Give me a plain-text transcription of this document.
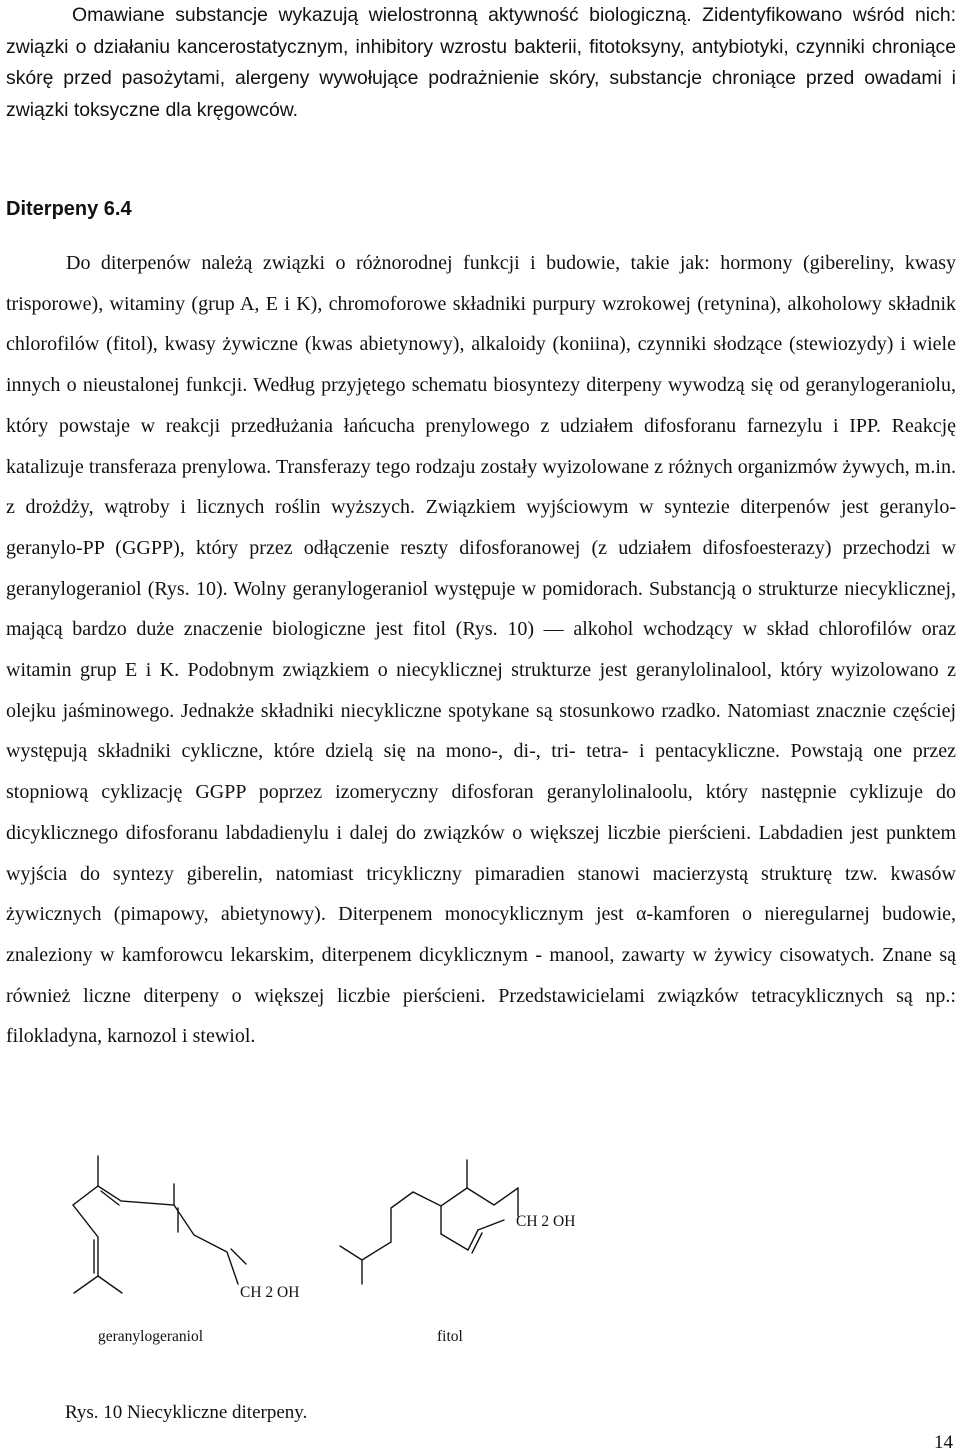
Omawiane substancje wykazują wielostronną aktywność biologiczną. Zidentyfikowano wśród nich: związki o działaniu kancerostatycznym, inhibitory wzrostu bakterii, fitotoksyny, antybiotyki, czynniki chroniące skórę przed pasożytami, alergeny wywołujące podrażnienie skóry, substancje chroniące przed owadami i związki toksyczne dla kręgowców.
Diterpeny 6.4
Do diterpenów należą związki o różnorodnej funkcji i budowie, takie jak: hormony (gibereliny, kwasy trisporowe), witaminy (grup A, E i K), chromoforowe składniki purpury wzrokowej (retynina), alkoholowy składnik chlorofilów (fitol), kwasy żywiczne (kwas abietynowy), alkaloidy (koniina), czynniki słodzące (stewiozydy) i wiele innych o nieustalonej funkcji. Według przyjętego schematu biosyntezy diterpeny wywodzą się od geranylogeraniolu, który powstaje w reakcji przedłużania łańcucha prenylowego z udziałem difosforanu farnezylu i IPP. Reakcję katalizuje transferaza prenylowa. Transferazy tego rodzaju zostały wyizolowane z różnych organizmów żywych, m.in. z drożdży, wątroby i licznych roślin wyższych. Związkiem wyjściowym w syntezie diterpenów jest geranylo-geranylo-PP (GGPP), który przez odłączenie reszty difosforanowej (z udziałem difosfoesterazy) przechodzi w geranylogeraniol (Rys. 10). Wolny geranylogeraniol występuje w pomidorach. Substancją o strukturze niecyklicznej, mającą bardzo duże znaczenie biologiczne jest fitol (Rys. 10) — alkohol wchodzący w skład chlorofilów oraz witamin grup E i K. Podobnym związkiem o niecyklicznej strukturze jest geranylolinalool, który wyizolowano z olejku jaśminowego. Jednakże składniki niecykliczne spotykane są stosunkowo rzadko. Natomiast znacznie częściej występują składniki cykliczne, które dzielą się na mono-, di-, tri- tetra- i pentacykliczne. Powstają one przez stopniową cyklizację GGPP poprzez izomeryczny difosforan geranylolinaloolu, który następnie cyklizuje do dicyklicznego difosforanu labdadienylu i dalej do związków o większej liczbie pierścieni. Labdadien jest punktem wyjścia do syntezy giberelin, natomiast tricykliczny pimaradien stanowi macierzystą strukturę tzw. kwasów żywicznych (pimapowy, abietynowy). Diterpenem monocyklicznym jest α-kamforen o nieregularnej budowie, znaleziony w kamforowcu lekarskim, diterpenem dicyklicznym - manool, zawarty w żywicy cisowatych. Znane są również liczne diterpeny o większej liczbie pierścieni. Przedstawicielami związków tetracyklicznych są np.: filokladyna, karnozol i stewiol.
CH 2 OH
geranylogeraniol
CH 2 OH
fitol
Rys. 10 Niecykliczne diterpeny.
14
